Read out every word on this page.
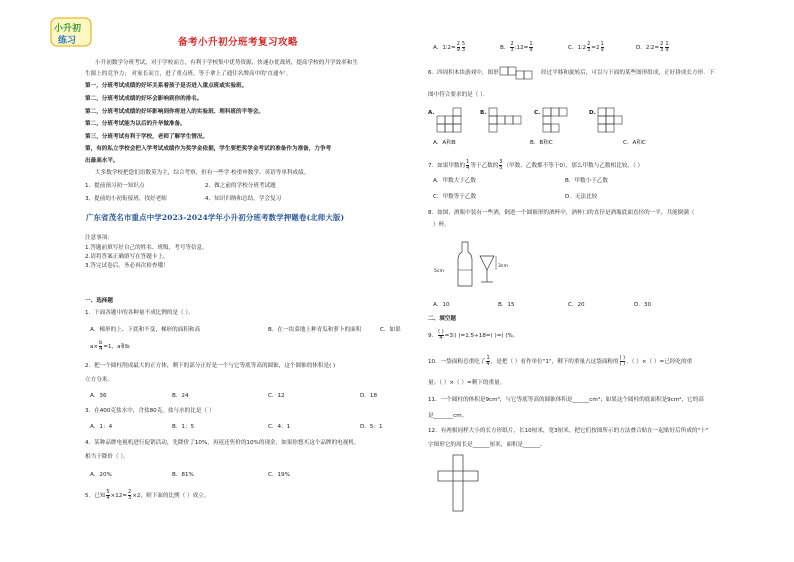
小升初
练习	备考小升初分班考复习攻略
小升初数学分班考试，对于学校而言，有利于学校集中优势资源，快速办优战班，提高学校的升学效率和生
生源上的竞争力； 对家长而言，进了重点班，等于拿上了通往名牌高中的'直通车'。
第一，分班考试成绩的好坏关系着孩子是否进入重点班或实验班。
第二，分班考试成绩的好坏会影响到你的排名。
第二，分班考试成绩的好坏影响到你将进入的实验班、理科班的平等会。
第二，分班考试能为以后的升华做准备。
第三，分班考试有利于学校，老师了解学生情况。
第，有的私立学校会把入学考试成绩作为奖学金依据，学生要把奖学金考试的准备作为准备，力争考
出最高水平。
大多数学校把您们语数英为主，综合考察，但有一些学 校重申数学、英语等单科成绩。
1、提前预习初一知识点	2、做之前的学校分班考试题
3、提前的小初衔接班，找好老师	4、知识归纳和总结，学会复习
广东省茂名市重点中学2023-2024学年小升初分班考数学押题卷(北师大版)
注意事项：
1.答题前填写好自己的姓名、班级、考号等信息。
2.请将答案正确填写在答题卡上。
3.答完试卷后，务必再次检查哦！
一、选择题
1．下面各题中的各种量不成比例的是（ ）。
A．梯形的上、下底和不变，梯形的面积和高	B．在一块菜地上种青瓜和萝卜的面积	C．如果
$a\times \frac{b}{4} =1$，a和b
2．把一个圆柱削成最大的正方体，剩下的部分正好是一个与它等底等高的圆锥，这个圆锥的体积是( )
立方分米。
A．36	B．24	C．12	D．18
3．在400克盐水中，含盐80克，盐与水的比是（ ）
A．1：4	B．1：5	C．4：1	D．5：1
4．某种品牌电视机进行促销活动，先降价了10%，再返还售价的10%的现金，如果你想买这个品牌的电视机，
相当于降价（ ）。
A．20%	B．81%	C．19%
5．已知 $\frac{5}{4} \times 12= \frac{2}{3} \times 2$，则下面的比例（ ）成立。
A．1∶2= $\frac{2}{9} \frac{5}{3}$	B． $\frac{2}{3}$ :12= $\frac{1}{9}$	C．1∶2 $\frac{2}{3} =2 \frac{1}{9}$	D．2∶2= $\frac{2}{3} \frac{1}{9}$
6．四周积木块游戏中，图形	经过平移和旋转后，可以与下面的某些图形组成，正好拼成长方形．下
图中符合要求的是（ ）．
A.	B.	C.	D.
A．A和B	B．B和C	C．A和C
7．如果甲数的 $\frac{1}{4}$ 等于乙数的 $\frac{3}{5}$ （甲数、乙数都不等于0），那么甲数与乙数相比较，（ ）
A．甲数大于乙数	B．甲数小于乙数
C．甲数等于乙数	D．无法比较
8．如图，酒瓶中装有一些酒，倒进一个圆锥形的酒杯中，酒杯口的直径是酒瓶底面直径的一半，共能倒满（
）杯。
5cm
3cm
A．10	B．15	C．20	D．30
二、填空题
9． $\frac{( )}{4}$ =3∶( )=1.5÷18=( )=( )%。
10．一袋面粉总重吃了 $\frac{1}{4}$ ，是把（ ）看作单位"1"，剩下的重量占这袋面粉的 $\frac{( )}{( )}$ ，（ ）×（ ）=已经吃的重
量；（ ）×（ ）=剩下的重量。
11．一个圆柱的体积是9cm³，与它等底等高的圆锥体积是______cm³；如果这个圆柱的底面积是9cm²，它的高
是_______cm。
12．有两根同样大小的长方形纸片，长10厘米，宽3厘米，把它们按图所示的方法叠合贴在一起贴好后所成的"十"
字图形它的周长是______厘米，面积是______。
